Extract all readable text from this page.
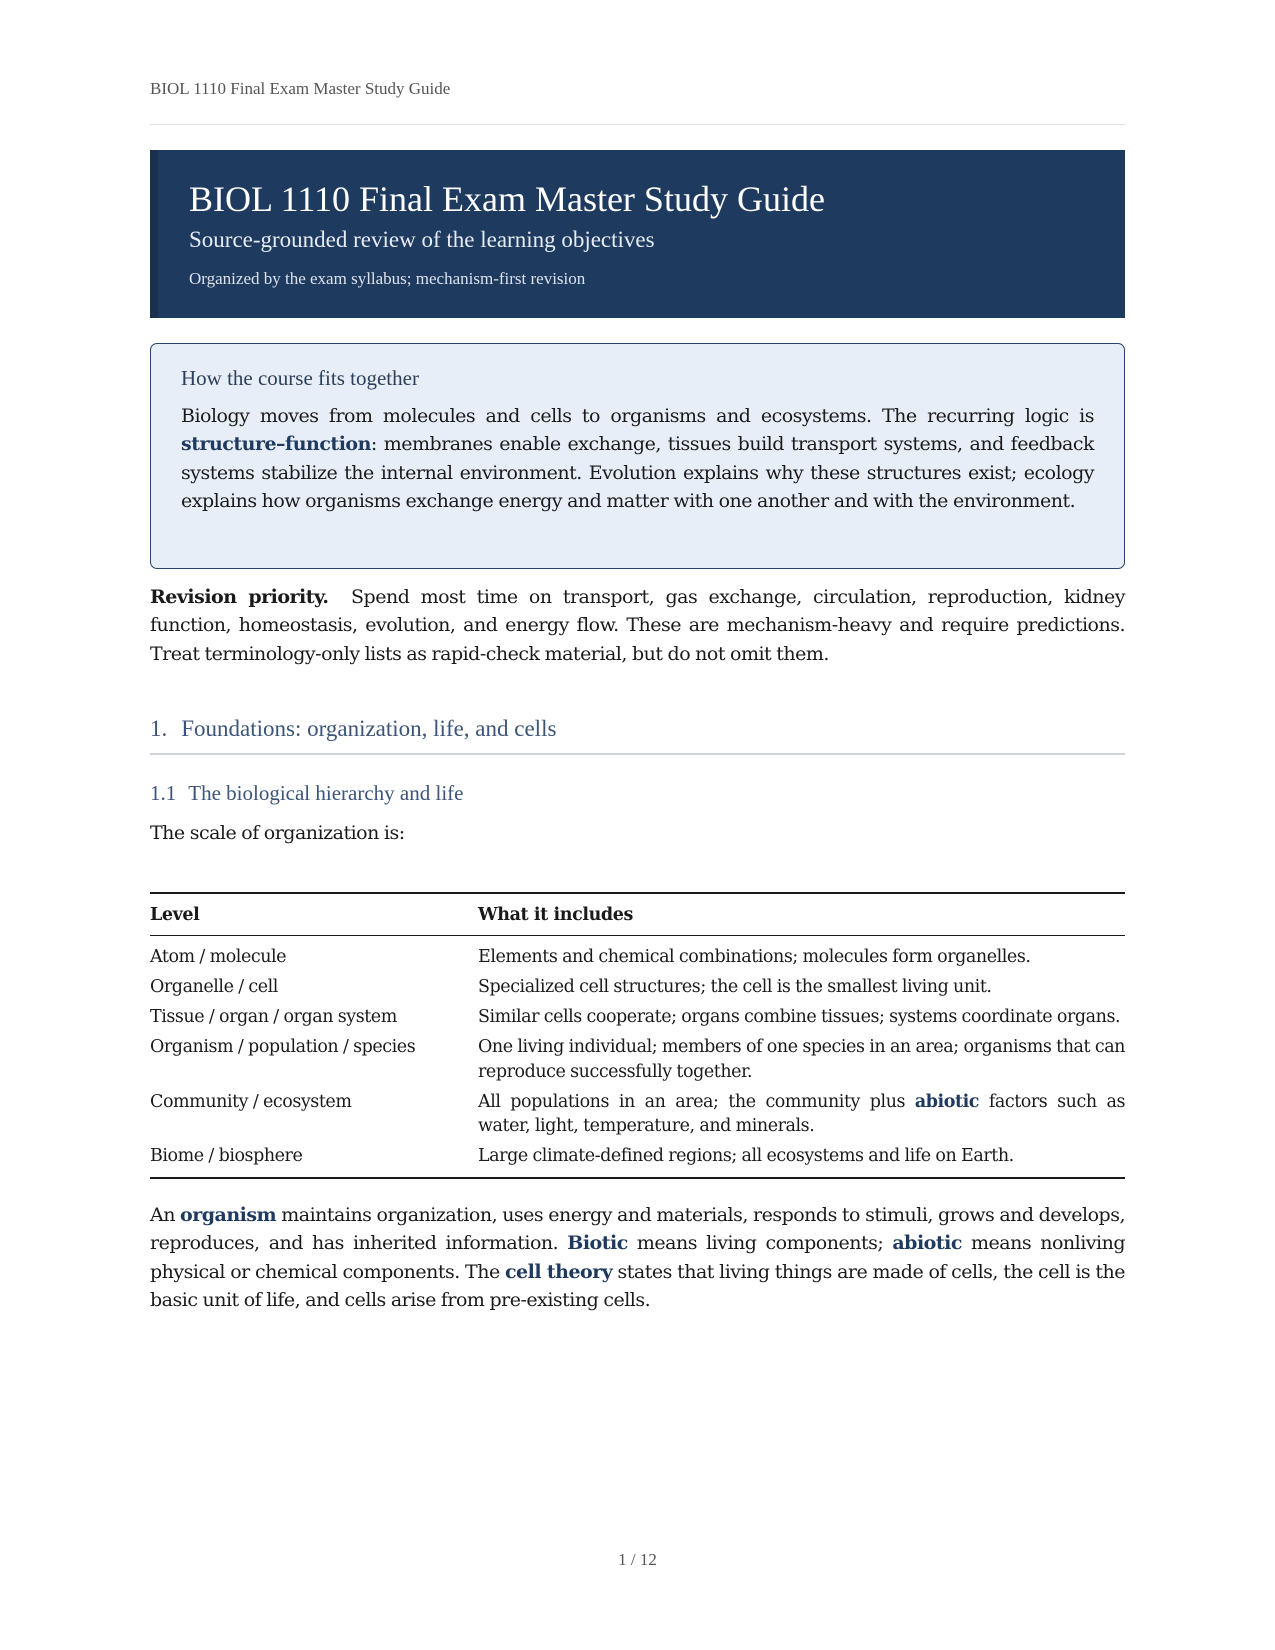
BIOL 1110 Final Exam Master Study Guide
BIOL 1110 Final Exam Master Study Guide
Source-grounded review of the learning objectives
Organized by the exam syllabus; mechanism-first revision
How the course fits together
Biology moves from molecules and cells to organisms and ecosystems. The recurring logic is structure–function: membranes enable exchange, tissues build transport systems, and feedback systems stabilize the internal environment. Evolution explains why these structures exist; ecology explains how organisms exchange energy and matter with one another and with the environment.
Revision priority. Spend most time on transport, gas exchange, circulation, reproduction, kidney function, homeostasis, evolution, and energy flow. These are mechanism-heavy and require predictions. Treat terminology-only lists as rapid-check material, but do not omit them.
1. Foundations: organization, life, and cells
1.1 The biological hierarchy and life
The scale of organization is:
Level	What it includes
Atom / molecule	Elements and chemical combinations; molecules form organelles.
Organelle / cell	Specialized cell structures; the cell is the smallest living unit.
Tissue / organ / organ system	Similar cells cooperate; organs combine tissues; systems coordinate organs.
Organism / population / species	One living individual; members of one species in an area; organisms that can reproduce successfully together.
Community / ecosystem	All populations in an area; the community plus abiotic factors such as water, light, temperature, and minerals.
Biome / biosphere	Large climate-defined regions; all ecosystems and life on Earth.
An organism maintains organization, uses energy and materials, responds to stimuli, grows and develops, reproduces, and has inherited information. Biotic means living components; abiotic means nonliving physical or chemical components. The cell theory states that living things are made of cells, the cell is the basic unit of life, and cells arise from pre-existing cells.
1 / 12
